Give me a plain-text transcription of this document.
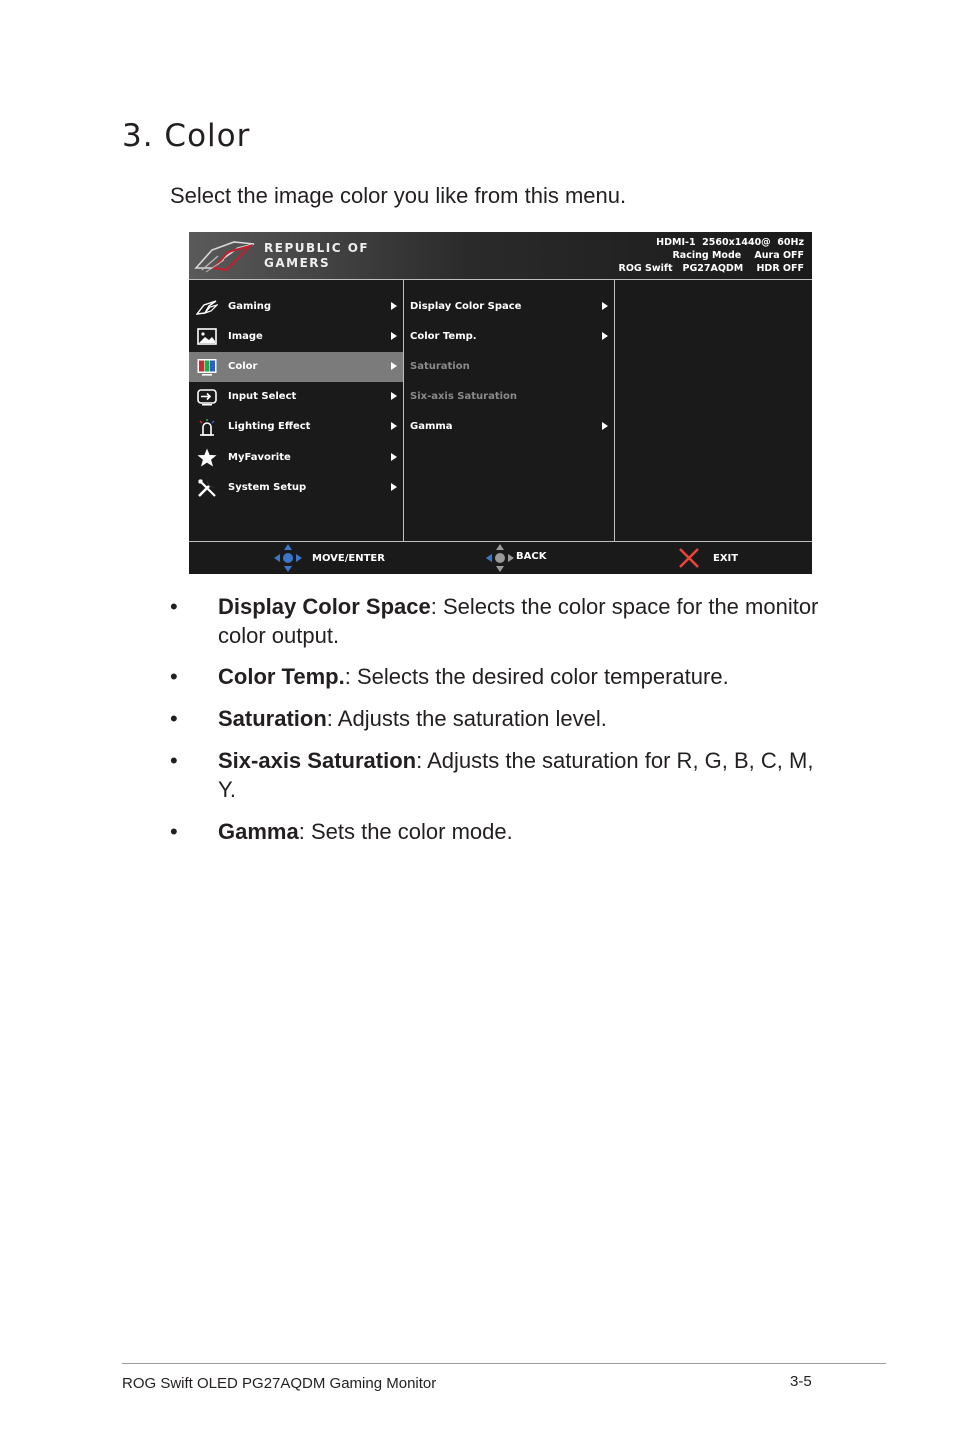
3. Color

Select the image color you like from this menu.

REPUBLIC OF
GAMERS
HDMI-1  2560x1440@  60Hz
Racing Mode    Aura OFF
ROG Swift   PG27AQDM    HDR OFF
Gaming
Image
Color
Input Select
Lighting Effect
MyFavorite
System Setup
Display Color Space
Color Temp.
Saturation
Six-axis Saturation
Gamma
MOVE/ENTER	BACK	EXIT
• Display Color Space: Selects the color space for the monitor color output.
• Color Temp.: Selects the desired color temperature.
• Saturation: Adjusts the saturation level.
• Six-axis Saturation: Adjusts the saturation for R, G, B, C, M, Y.
• Gamma: Sets the color mode.
ROG Swift OLED PG27AQDM Gaming Monitor	3-5
